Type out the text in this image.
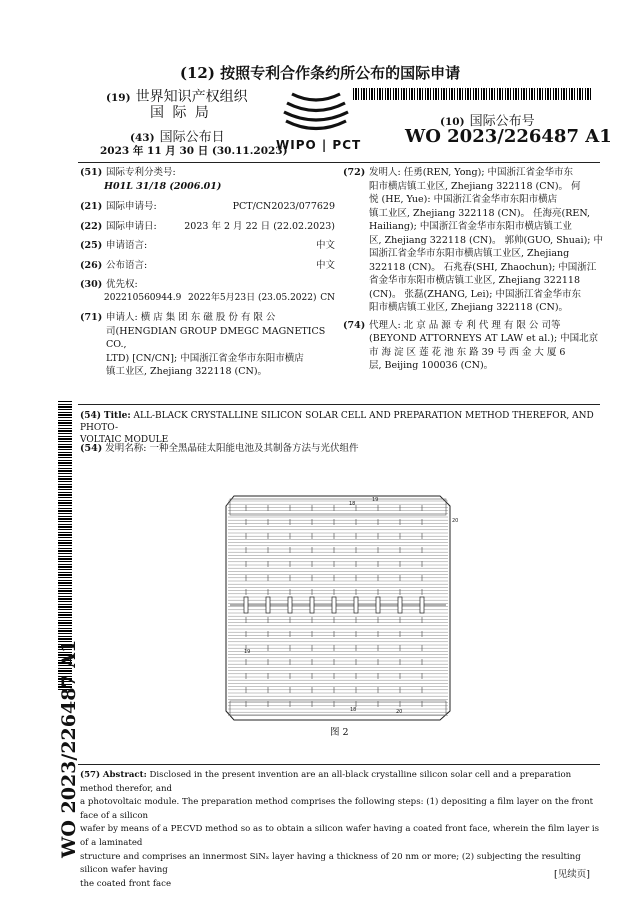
(12) 按照专利合作条约所公布的国际申请
(19) 世界知识产权组织
国 际 局
(43) 国际公布日
2023 年 11 月 30 日 (30.11.2023)
WIPO | PCT
(10) 国际公布号
WO 2023/226487 A1
WO 2023/226487 A1
(51) 国际专利分类号:
H01L 31/18 (2006.01)
(21) 国际申请号:	PCT/CN2023/077629
(22) 国际申请日:	2023 年 2 月 22 日 (22.02.2023)
(25) 申请语言:	中文
(26) 公布语言:	中文
(30) 优先权:
202210560944.9 2022年5月23日 (23.05.2022) CN
(71) 申请人: 横 店 集 团 东 磁 股 份 有 限 公
司(HENGDIAN GROUP DMEGC MAGNETICS CO.,
LTD) [CN/CN]; 中国浙江省金华市东阳市横店
镇工业区, Zhejiang 322118 (CN)。
(72) 发明人: 任勇(REN, Yong); 中国浙江省金华市东
阳市横店镇工业区, Zhejiang 322118 (CN)。 何
悦 (HE, Yue): 中国浙江省金华市东阳市横店
镇工业区, Zhejiang 322118 (CN)。 任海亮(REN,
Hailiang); 中国浙江省金华市东阳市横店镇工业
区, Zhejiang 322118 (CN)。 郭帅(GUO, Shuai); 中
国浙江省金华市东阳市横店镇工业区, Zhejiang
322118 (CN)。 石兆春(SHI, Zhaochun); 中国浙江
省金华市东阳市横店镇工业区, Zhejiang 322118
(CN)。 张磊(ZHANG, Lei); 中国浙江省金华市东
阳市横店镇工业区, Zhejiang 322118 (CN)。
(74) 代理人: 北 京 品 源 专 利 代 理 有 限 公 司等
(BEYOND ATTORNEYS AT LAW et al.); 中国北京
市 海 淀 区 莲 花 池 东 路 39 号 西 金 大 厦 6
层, Beijing 100036 (CN)。
(54) Title: ALL-BLACK CRYSTALLINE SILICON SOLAR CELL AND PREPARATION METHOD THEREFOR, AND PHOTO-
VOLTAIC MODULE
(54) 发明名称: 一种全黑晶硅太阳能电池及其制备方法与光伏组件
20
19
18
19
18	20
图 2
(57) Abstract: Disclosed in the present invention are an all-black crystalline silicon solar cell and a preparation method therefor, and
a photovoltaic module. The preparation method comprises the following steps: (1) depositing a film layer on the front face of a silicon
wafer by means of a PECVD method so as to obtain a silicon wafer having a coated front face, wherein the film layer is of a laminated
structure and comprises an innermost SiNₓ layer having a thickness of 20 nm or more; (2) subjecting the resulting silicon wafer having
the coated front face
[见续页]
